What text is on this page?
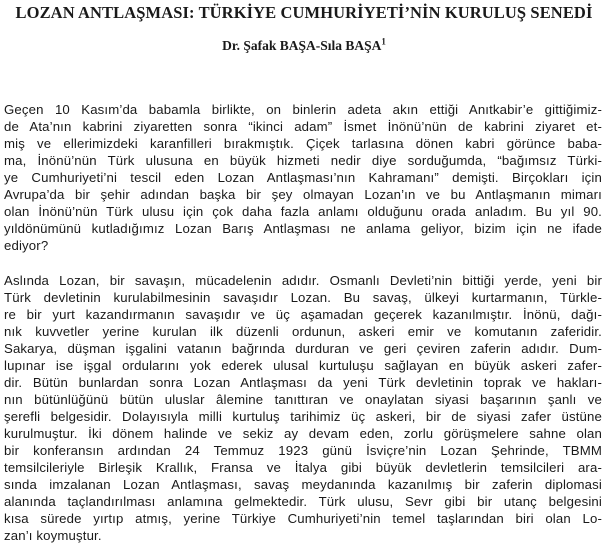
LOZAN ANTLAŞMASI: TÜRKİYE CUMHURİYETİ’NİN KURULUŞ SENEDİ
Dr. Şafak BAŞA-Sıla BAŞA$^1$
Geçen 10 Kasım’da babamla birlikte, on binlerin adeta akın ettiği Anıtkabir’e gittiğimiz-
de Ata’nın kabrini ziyaretten sonra “ikinci adam” İsmet İnönü’nün de kabrini ziyaret et-
miş ve ellerimizdeki karanfilleri bırakmıştık. Çiçek tarlasına dönen kabri görünce baba-
ma, İnönü’nün Türk ulusuna en büyük hizmeti nedir diye sorduğumda, “bağımsız Türki-
ye Cumhuriyeti’ni tescil eden Lozan Antlaşması’nın Kahramanı” demişti. Birçokları için
Avrupa’da bir şehir adından başka bir şey olmayan Lozan’ın ve bu Antlaşmanın mimarı
olan İnönü’nün Türk ulusu için çok daha fazla anlamı olduğunu orada anladım. Bu yıl 90.
yıldönümünü kutladığımız Lozan Barış Antlaşması ne anlama geliyor, bizim için ne ifade
ediyor?
Aslında Lozan, bir savaşın, mücadelenin adıdır. Osmanlı Devleti’nin bittiği yerde, yeni bir
Türk devletinin kurulabilmesinin savaşıdır Lozan. Bu savaş, ülkeyi kurtarmanın, Türkle-
re bir yurt kazandırmanın savaşıdır ve üç aşamadan geçerek kazanılmıştır. İnönü, dağı-
nık kuvvetler yerine kurulan ilk düzenli ordunun, askeri emir ve komutanın zaferidir.
Sakarya, düşman işgalini vatanın bağrında durduran ve geri çeviren zaferin adıdır. Dum-
lupınar ise işgal ordularını yok ederek ulusal kurtuluşu sağlayan en büyük askeri zafer-
dir. Bütün bunlardan sonra Lozan Antlaşması da yeni Türk devletinin toprak ve hakları-
nın bütünlüğünü bütün uluslar âlemine tanıttıran ve onaylatan siyasi başarının şanlı ve
şerefli belgesidir. Dolayısıyla milli kurtuluş tarihimiz üç askeri, bir de siyasi zafer üstüne
kurulmuştur. İki dönem halinde ve sekiz ay devam eden, zorlu görüşmelere sahne olan
bir konferansın ardından 24 Temmuz 1923 günü İsviçre’nin Lozan Şehrinde, TBMM
temsilcileriyle Birleşik Krallık, Fransa ve İtalya gibi büyük devletlerin temsilcileri ara-
sında imzalanan Lozan Antlaşması, savaş meydanında kazanılmış bir zaferin diplomasi
alanında taçlandırılması anlamına gelmektedir. Türk ulusu, Sevr gibi bir utanç belgesini
kısa sürede yırtıp atmış, yerine Türkiye Cumhuriyeti’nin temel taşlarından biri olan Lo-
zan’ı koymuştur.
